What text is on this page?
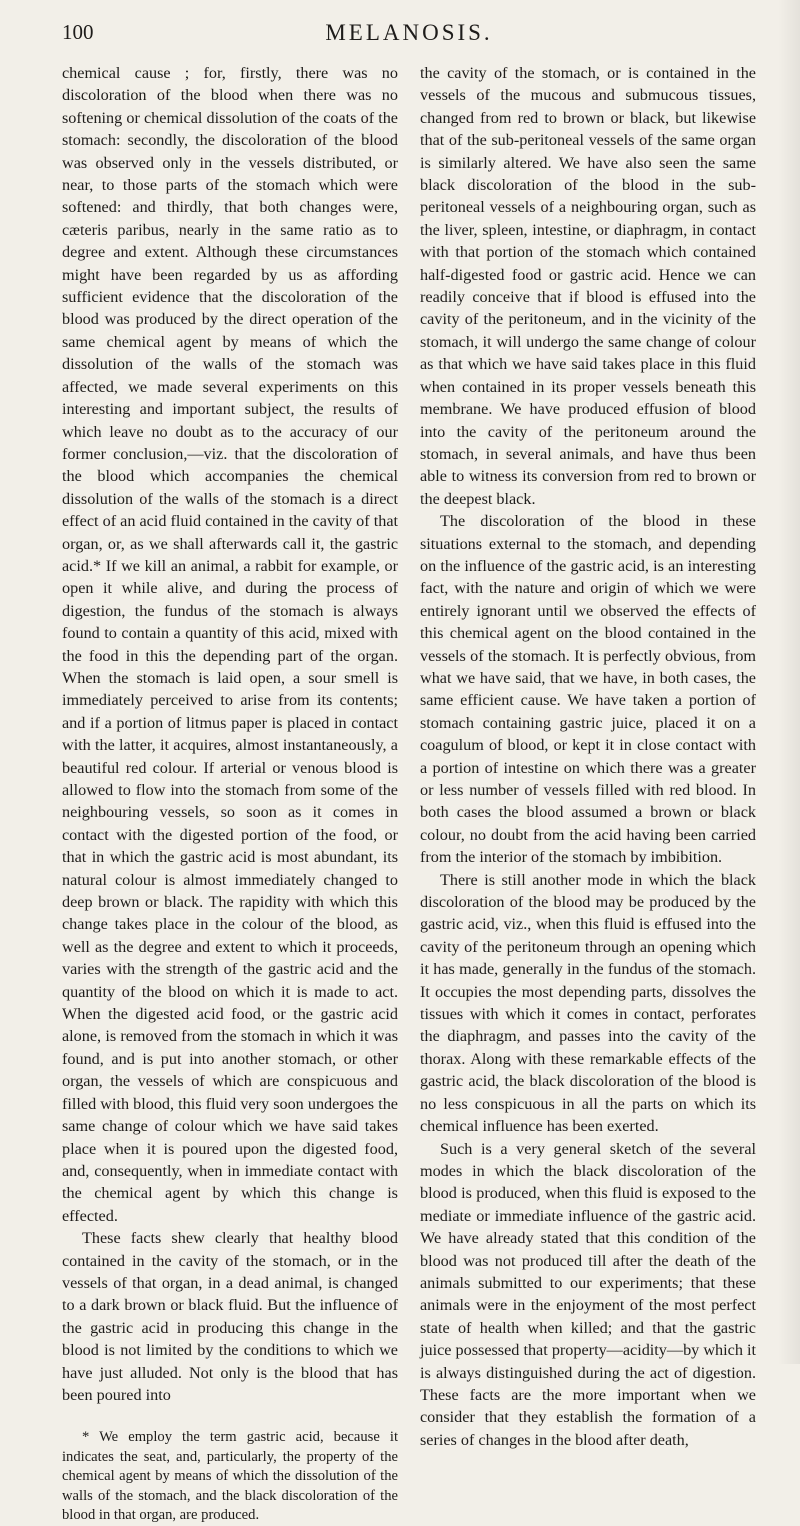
100	MELANOSIS.

chemical cause ; for, firstly, there was no discoloration of the blood when there was no softening or chemical dissolution of the coats of the stomach: secondly, the discoloration of the blood was observed only in the vessels distributed, or near, to those parts of the stomach which were softened: and thirdly, that both changes were, cæteris paribus, nearly in the same ratio as to degree and extent. Although these circumstances might have been regarded by us as affording sufficient evidence that the discoloration of the blood was produced by the direct operation of the same chemical agent by means of which the dissolution of the walls of the stomach was affected, we made several experiments on this interesting and important subject, the results of which leave no doubt as to the accuracy of our former conclusion,—viz. that the discoloration of the blood which accompanies the chemical dissolution of the walls of the stomach is a direct effect of an acid fluid contained in the cavity of that organ, or, as we shall afterwards call it, the gastric acid.* If we kill an animal, a rabbit for example, or open it while alive, and during the process of digestion, the fundus of the stomach is always found to contain a quantity of this acid, mixed with the food in this the depending part of the organ. When the stomach is laid open, a sour smell is immediately perceived to arise from its contents; and if a portion of litmus paper is placed in contact with the latter, it acquires, almost instantaneously, a beautiful red colour. If arterial or venous blood is allowed to flow into the stomach from some of the neighbouring vessels, so soon as it comes in contact with the digested portion of the food, or that in which the gastric acid is most abundant, its natural colour is almost immediately changed to deep brown or black. The rapidity with which this change takes place in the colour of the blood, as well as the degree and extent to which it proceeds, varies with the strength of the gastric acid and the quantity of the blood on which it is made to act. When the digested acid food, or the gastric acid alone, is removed from the stomach in which it was found, and is put into another stomach, or other organ, the vessels of which are conspicuous and filled with blood, this fluid very soon undergoes the same change of colour which we have said takes place when it is poured upon the digested food, and, consequently, when in immediate contact with the chemical agent by which this change is effected.

These facts shew clearly that healthy blood contained in the cavity of the stomach, or in the vessels of that organ, in a dead animal, is changed to a dark brown or black fluid. But the influence of the gastric acid in producing this change in the blood is not limited by the conditions to which we have just alluded. Not only is the blood that has been poured into

* We employ the term gastric acid, because it indicates the seat, and, particularly, the property of the chemical agent by means of which the dissolution of the walls of the stomach, and the black discoloration of the blood in that organ, are produced.

the cavity of the stomach, or is contained in the vessels of the mucous and submucous tissues, changed from red to brown or black, but likewise that of the sub-peritoneal vessels of the same organ is similarly altered. We have also seen the same black discoloration of the blood in the sub-peritoneal vessels of a neighbouring organ, such as the liver, spleen, intestine, or diaphragm, in contact with that portion of the stomach which contained half-digested food or gastric acid. Hence we can readily conceive that if blood is effused into the cavity of the peritoneum, and in the vicinity of the stomach, it will undergo the same change of colour as that which we have said takes place in this fluid when contained in its proper vessels beneath this membrane. We have produced effusion of blood into the cavity of the peritoneum around the stomach, in several animals, and have thus been able to witness its conversion from red to brown or the deepest black.

The discoloration of the blood in these situations external to the stomach, and depending on the influence of the gastric acid, is an interesting fact, with the nature and origin of which we were entirely ignorant until we observed the effects of this chemical agent on the blood contained in the vessels of the stomach. It is perfectly obvious, from what we have said, that we have, in both cases, the same efficient cause. We have taken a portion of stomach containing gastric juice, placed it on a coagulum of blood, or kept it in close contact with a portion of intestine on which there was a greater or less number of vessels filled with red blood. In both cases the blood assumed a brown or black colour, no doubt from the acid having been carried from the interior of the stomach by imbibition.

There is still another mode in which the black discoloration of the blood may be produced by the gastric acid, viz., when this fluid is effused into the cavity of the peritoneum through an opening which it has made, generally in the fundus of the stomach. It occupies the most depending parts, dissolves the tissues with which it comes in contact, perforates the diaphragm, and passes into the cavity of the thorax. Along with these remarkable effects of the gastric acid, the black discoloration of the blood is no less conspicuous in all the parts on which its chemical influence has been exerted.

Such is a very general sketch of the several modes in which the black discoloration of the blood is produced, when this fluid is exposed to the mediate or immediate influence of the gastric acid. We have already stated that this condition of the blood was not produced till after the death of the animals submitted to our experiments; that these animals were in the enjoyment of the most perfect state of health when killed; and that the gastric juice possessed that property—acidity—by which it is always distinguished during the act of digestion. These facts are the more important when we consider that they establish the formation of a series of changes in the blood after death,
